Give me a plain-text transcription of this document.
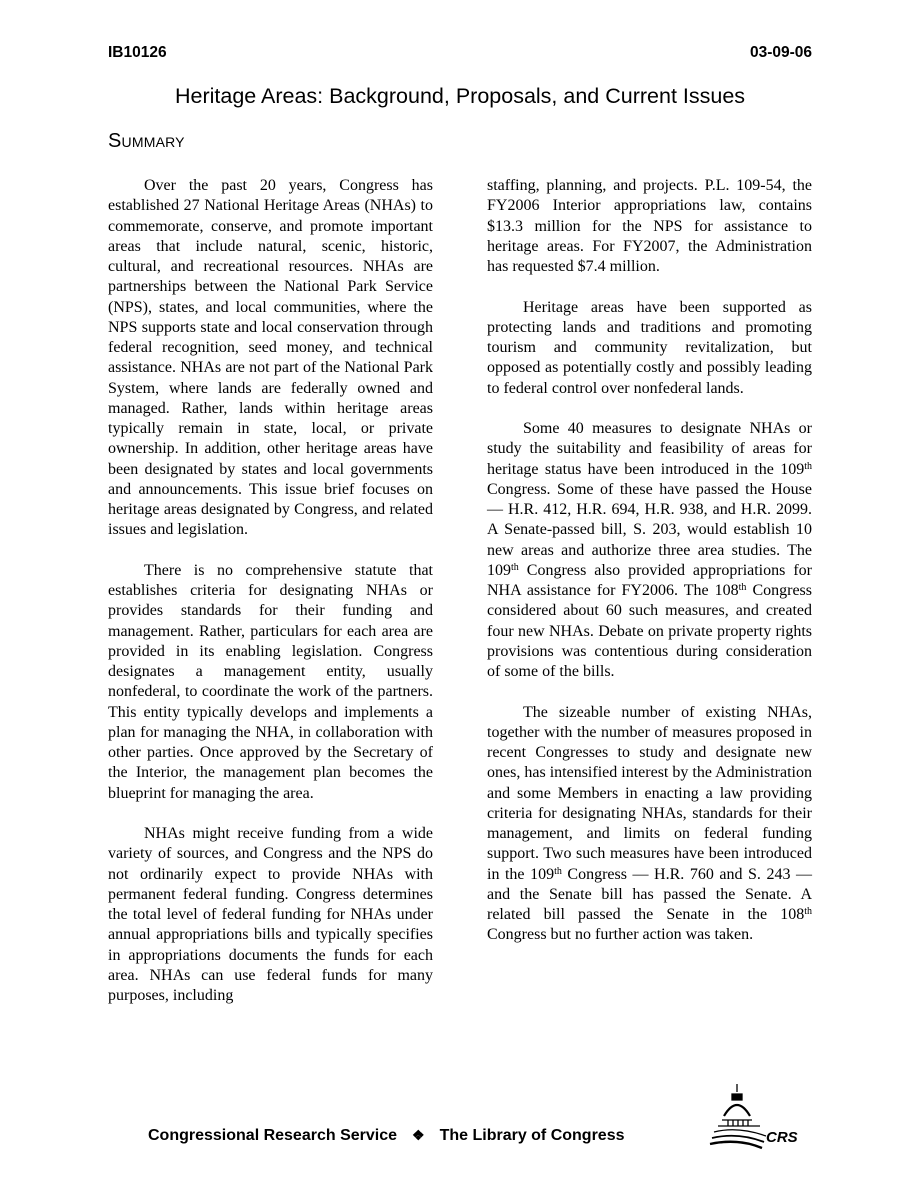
IB10126	03-09-06
Heritage Areas: Background, Proposals, and Current Issues
Summary

Over the past 20 years, Congress has established 27 National Heritage Areas (NHAs) to commemorate, conserve, and promote important areas that include natural, scenic, historic, cultural, and recreational resources. NHAs are partnerships between the National Park Service (NPS), states, and local communities, where the NPS supports state and local conservation through federal recognition, seed money, and technical assistance. NHAs are not part of the National Park System, where lands are federally owned and managed. Rather, lands within heritage areas typically remain in state, local, or private ownership. In addition, other heritage areas have been designated by states and local governments and announcements. This issue brief focuses on heritage areas designated by Congress, and related issues and legislation.

There is no comprehensive statute that establishes criteria for designating NHAs or provides standards for their funding and management. Rather, particulars for each area are provided in its enabling legislation. Congress designates a management entity, usually nonfederal, to coordinate the work of the partners. This entity typically develops and implements a plan for managing the NHA, in collaboration with other parties. Once approved by the Secretary of the Interior, the management plan becomes the blueprint for managing the area.

NHAs might receive funding from a wide variety of sources, and Congress and the NPS do not ordinarily expect to provide NHAs with permanent federal funding. Congress determines the total level of federal funding for NHAs under annual appropriations bills and typically specifies in appropriations documents the funds for each area. NHAs can use federal funds for many purposes, including

staffing, planning, and projects. P.L. 109-54, the FY2006 Interior appropriations law, contains $13.3 million for the NPS for assistance to heritage areas. For FY2007, the Administration has requested $7.4 million.

Heritage areas have been supported as protecting lands and traditions and promoting tourism and community revitalization, but opposed as potentially costly and possibly leading to federal control over nonfederal lands.

Some 40 measures to designate NHAs or study the suitability and feasibility of areas for heritage status have been introduced in the 109th Congress. Some of these have passed the House — H.R. 412, H.R. 694, H.R. 938, and H.R. 2099. A Senate-passed bill, S. 203, would establish 10 new areas and authorize three area studies. The 109th Congress also provided appropriations for NHA assistance for FY2006. The 108th Congress considered about 60 such measures, and created four new NHAs. Debate on private property rights provisions was contentious during consideration of some of the bills.

The sizeable number of existing NHAs, together with the number of measures proposed in recent Congresses to study and designate new ones, has intensified interest by the Administration and some Members in enacting a law providing criteria for designating NHAs, standards for their management, and limits on federal funding support. Two such measures have been introduced in the 109th Congress — H.R. 760 and S. 243 — and the Senate bill has passed the Senate. A related bill passed the Senate in the 108th Congress but no further action was taken.

Congressional Research Service ❖ The Library of Congress	CRS
